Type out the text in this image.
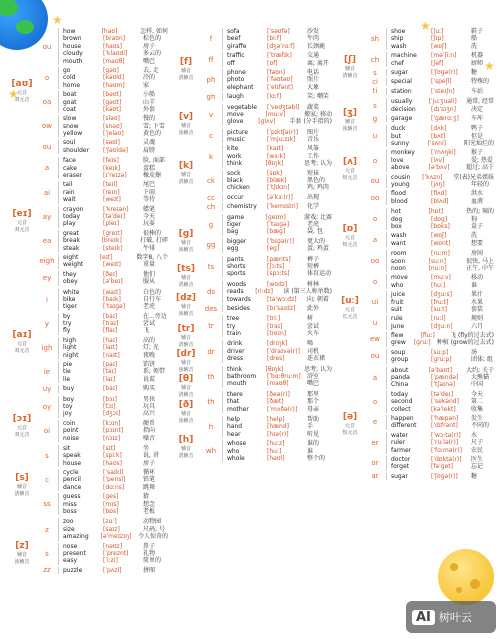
★
★
★
★
AI 树叶云
[aʊ]
元音
双元音
ou
how	[haʊ]	怎样, 如何
brown	[braʊn]	棕色的
house	[haʊs]	房子
cloudy	[ˈklaʊdi]	多云的
mouth	[maʊθ]	嘴巴
o
go	[ɡəʊ]	去, 走
cold	[kəʊld]	冷的
home	[həʊm]	家
oa
boat	[bəʊt]	小船
goat	[ɡəʊt]	山羊
coat	[kəʊt]	外套
ow
slow	[sləʊ]	慢的
snow	[snəʊ]	雪; 下雪
yellow	[ˈjeləʊ]	黄色的
ou	soul	[səʊl]	灵魂
shoulder	[ˈʃəʊldə]	肩膀
[eɪ]
元音
双元音
a
face	[feɪs]	脸, 面部
cake	[keɪk]	蛋糕
eraser	[ɪˈreɪzə]	橡皮擦
ai
tail	[teɪl]	尾巴
rain	[reɪn]	下雨
wait	[weɪt]	等待
ay
crayon	[ˈkreɪən]	蜡笔
today	[təˈdeɪ]	今天
play	[pleɪ]	玩耍
ea
great	[ɡreɪt]	很棒的
break	[breɪk]	打破, 打碎
steak	[steɪk]	牛排
eigh eight	[eɪt]	数字8, 八个
weight	[weɪt]	重量
ey	they	[ðeɪ]	他们
obey	[əˈbeɪ]	服从
[aɪ]
元音
双元音
i
white	[waɪt]	白色的
bike	[baɪk]	自行车
tiger	[ˈtaɪɡə]	老虎
y
by	[baɪ]	在...旁边
try	[traɪ]	尝试
fly	[flaɪ]	飞
igh
high	[haɪ]	高的
light	[laɪt]	灯; 光
night	[naɪt]	夜晚
ie
pie	[paɪ]	馅饼
tie	[taɪ]	系; 领带
lie	[laɪ]	说谎
uy	buy	[baɪ]	购买
[ɔɪ]
元音
双元音
oy
boy	[bɔɪ]	男孩
toy	[tɔɪ]	玩具
joy	[dʒɔɪ]	高兴
oi
coin	[kɔɪn]	硬币
point	[pɔɪnt]	指向
noise	[nɔɪz]	噪音
[s]
辅音
清辅音
s
sit	[sɪt]	坐
speak	[spiːk]	说, 讲
house	[haʊs]	房子
c
cycle	[ˈsaɪkl]	循环
pencil	[ˈpensl]	铅笔
dance	[dɑːns]	跳舞
ss
guess	[ɡes]	猜
miss	[mɪs]	想念
boss	[bɒs]	老板
[z]
辅音
浊辅音
z
zoo	[zuː]	动物园
size	[saɪz]	尺码; 号
amazing	[əˈmeɪzɪŋ]	令人惊奇的
s
nose	[nəʊz]	鼻子
present	[ˈpreznt]	礼物
easy	[ˈiːzi]	简单的
zz	puzzle	[ˈpʌzl]	拼图
[f]
辅音
清辅音
f
sofa	[ˈsəʊfə]	沙发
beef	[biːf]	牛肉
giraffe	[dʒəˈrɑːf]	长颈鹿
ff	traffic	[ˈtræfɪk]	交通
off	[ɒf]	离; 离开
ph
phone	[fəʊn]	电话
photo	[ˈfəʊtəʊ]	照片
elephant	[ˈelɪfənt]	大象
gh	laugh	[lɑːf]	笑; 嘲笑
[v]
辅音
浊辅音
v
vegetable	[ˈvedʒtəbl]	蔬菜
move	[muːv]	搬家; 移动
glove	[ɡlʌv]	手套 (分手指的)
[k]
辅音
清辅音
c	picture	[ˈpɪktʃə(r)]	图片
music	[ˈmjuːzɪk]	音乐
k
kite	[kaɪt]	风筝
work	[wɜːk]	工作
think	[θɪŋk]	思考; 认为
ck
sock	[sɒk]	短袜
black	[blæk]	黑色的
chicken	[ˈtʃɪkɪn]	鸡; 鸡肉
cc	occur	[əˈkɜː(r)]	出现
ch	chemistry	[ˈkemɪstri]	化学
[g]
辅音
浊辅音
g
game	[ɡeɪm]	游戏; 比赛
tiger	[ˈtaɪɡə]	老虎
bag	[bæɡ]	袋, 包
gg	bigger	[ˈbɪɡə(r)]	更大的
egg	[eɡ]	蛋; 鸡蛋
[ts]
辅音
清辅音
ts
pants	[pænts]	裤子
shorts	[ʃɔːts]	短裤
sports	[spɔːts]	体育运动
[dz]
辅音
浊辅音
ds
woods	[wʊdz]	树林
reads	[riːdz]	读 (第三人称单数)
towards	[təˈwɔːdz]	向; 朝着
des	besides	[bɪˈsaɪdz]	此外
[tr]
辅音
清辅音
tr
tree	[triː]	树
try	[traɪ]	尝试
train	[treɪn]	火车
[dr]
辅音
浊辅音
dr
drink	[drɪŋk]	喝
driver	[ˈdraɪvə(r)]	司机
dress	[dres]	连衣裙
[θ]
辅音
清辅音
th
think	[θɪŋk]	思考; 认为
bathroom	[ˈbɑːθruːm]	浴室
mouth	[maʊθ]	嘴巴
[ð]
辅音
浊辅音
th
there	[ðeə(r)]	那里
that	[ðæt]	那个
mother	[ˈmʌðə(r)]	母亲
[h]
辅音
清辅音
h
help	[help]	帮助
hand	[hænd]	手
hear	[hɪə(r)]	听见
wh
whose	[huːz]	谁的
who	[huː]	谁
whole	[həʊl]	整个的
[ʃ]
辅音
清辅音
sh
shoe	[ʃuː]	鞋子
ship	[ʃɪp]	船
wash	[wɒʃ]	洗
ch	machine	[məˈʃiːn]	机器
chef	[ʃef]	厨师
s	sugar	[ˈʃʊɡə(r)]	糖
ci	special	[ˈspeʃl]	特殊的
ti	station	[ˈsteɪʃn]	车站
[ʒ]
辅音
浊辅音
s	usually	[ˈjuːʒuəli]	通常, 经常
decision	[dɪˈsɪʒn]	决定
g	garage	[ˈɡærɑːʒ]	车库
[ʌ]
元音
短元音
u
duck	[dʌk]	鸭子
but	[bʌt]	但是
sunny	[ˈsʌni]	阳光灿烂的
o
monkey	[ˈmʌŋki]	猴子
love	[lʌv]	爱; 热爱
above	[əˈbʌv]	超过; 高于
ou	cousin	[ˈkʌzn]	堂(表)兄弟姐妹
young	[jʌŋ]	年轻的
oo	flood	[flʌd]	洪水
blood	[blʌd]	血液
[ɒ]
元音
短元音
o
hot	[hɒt]	热的; 辣的
dog	[dɒɡ]	狗
box	[bɒks]	盒子
a	wash	[wɒʃ]	洗
want	[wɒnt]	想要
[uː]
元音
长元音
oo
room	[ruːm]	房间
soon	[suːn]	很快, 马上
noon	[nuːn]	正午, 中午
o	move	[muːv]	移动
who	[huː]	谁
ui
juice	[dʒuːs]	果汁
fruit	[fruːt]	水果
suit	[suːt]	套装
u	rule	[ruːl]	规则
June	[dʒuːn]	六月
ew	flew	[fluː]	飞 (fly的过去式)
grew	[ɡruː]	种植 (grow的过去式)
ou	soup	[suːp]	汤
group	[ɡruːp]	团体; 组
[ə]
元音
短元音
a
about	[əˈbaʊt]	大约; 关于
panda	[ˈpændə]	大熊猫
China	[ˈtʃaɪnə]	中国
o
today	[təˈdeɪ]	今天
second	[ˈsekənd]	第二
collect	[kəˈlekt]	收集
e	happen	[ˈhæpən]	发生
different	[ˈdɪfrənt]	不同的
er
water	[ˈwɔːtə(r)]	水
ruler	[ˈruːlə(r)]	尺子
farmer	[ˈfɑːmə(r)]	农民
or	doctor	[ˈdɒktə(r)]	医生
forget	[fəˈɡet]	忘记
ar	sugar	[ˈʃʊɡə(r)]	糖
